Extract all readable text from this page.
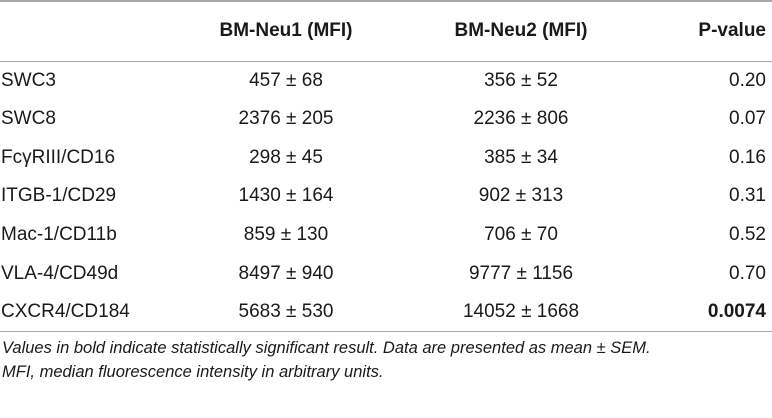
	BM-Neu1 (MFI)	BM-Neu2 (MFI)	P-value
SWC3	457 ± 68	356 ± 52	0.20
SWC8	2376 ± 205	2236 ± 806	0.07
FcγRIII/CD16	298 ± 45	385 ± 34	0.16
ITGB-1/CD29	1430 ± 164	902 ± 313	0.31
Mac-1/CD11b	859 ± 130	706 ± 70	0.52
VLA-4/CD49d	8497 ± 940	9777 ± 1156	0.70
CXCR4/CD184	5683 ± 530	14052 ± 1668	0.0074

Values in bold indicate statistically significant result. Data are presented as mean ± SEM.

MFI, median fluorescence intensity in arbitrary units.
